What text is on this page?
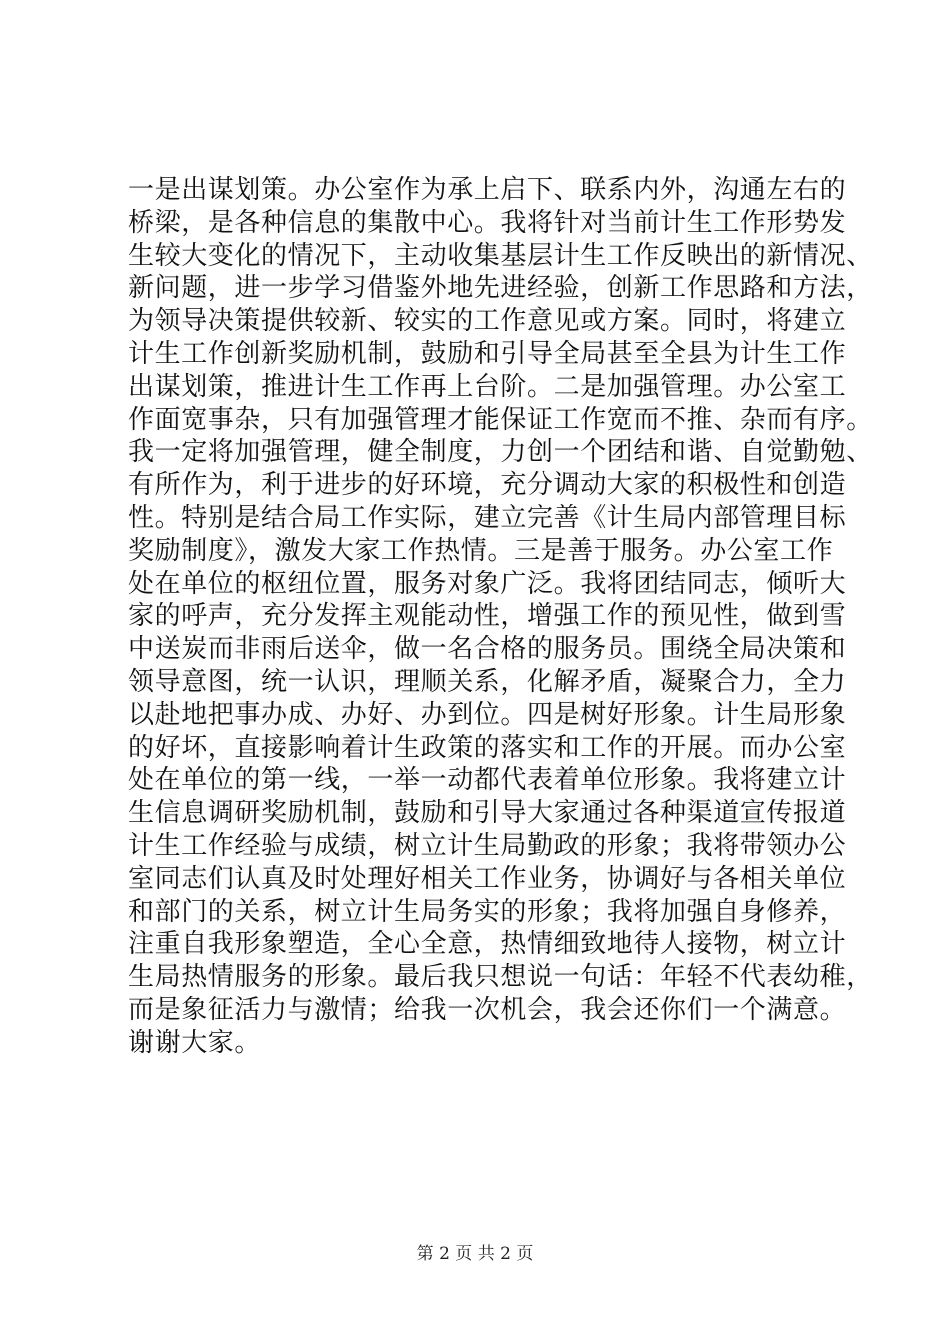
一是出谋划策。办公室作为承上启下、联系内外，沟通左右的
桥梁，是各种信息的集散中心。我将针对当前计生工作形势发
生较大变化的情况下，主动收集基层计生工作反映出的新情况、
新问题，进一步学习借鉴外地先进经验，创新工作思路和方法，
为领导决策提供较新、较实的工作意见或方案。同时，将建立
计生工作创新奖励机制，鼓励和引导全局甚至全县为计生工作
出谋划策，推进计生工作再上台阶。二是加强管理。办公室工
作面宽事杂，只有加强管理才能保证工作宽而不推、杂而有序。
我一定将加强管理，健全制度，力创一个团结和谐、自觉勤勉、
有所作为，利于进步的好环境，充分调动大家的积极性和创造
性。特别是结合局工作实际，建立完善《计生局内部管理目标
奖励制度》，激发大家工作热情。三是善于服务。办公室工作
处在单位的枢纽位置，服务对象广泛。我将团结同志，倾听大
家的呼声，充分发挥主观能动性，增强工作的预见性，做到雪
中送炭而非雨后送伞，做一名合格的服务员。围绕全局决策和
领导意图，统一认识，理顺关系，化解矛盾，凝聚合力，全力
以赴地把事办成、办好、办到位。四是树好形象。计生局形象
的好坏，直接影响着计生政策的落实和工作的开展。而办公室
处在单位的第一线，一举一动都代表着单位形象。我将建立计
生信息调研奖励机制，鼓励和引导大家通过各种渠道宣传报道
计生工作经验与成绩，树立计生局勤政的形象；我将带领办公
室同志们认真及时处理好相关工作业务，协调好与各相关单位
和部门的关系，树立计生局务实的形象；我将加强自身修养，
注重自我形象塑造，全心全意，热情细致地待人接物，树立计
生局热情服务的形象。最后我只想说一句话：年轻不代表幼稚，
而是象征活力与激情；给我一次机会，我会还你们一个满意。
谢谢大家。
第 2 页 共 2 页
